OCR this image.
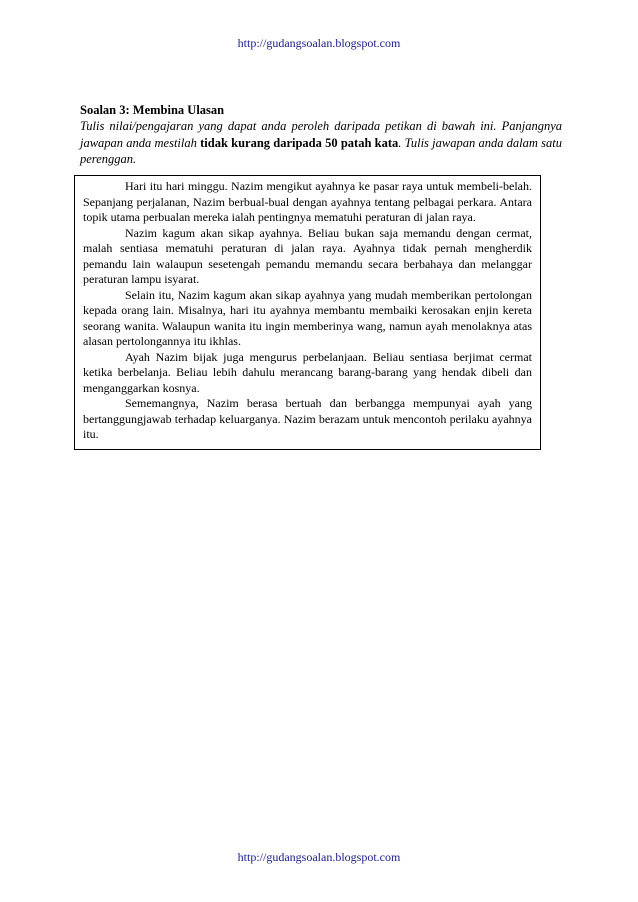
http://gudangsoalan.blogspot.com

Soalan 3: Membina Ulasan

Tulis nilai/pengajaran yang dapat anda peroleh daripada petikan di bawah ini. Panjangnya jawapan anda mestilah tidak kurang daripada 50 patah kata. Tulis jawapan anda dalam satu perenggan.

Hari itu hari minggu. Nazim mengikut ayahnya ke pasar raya untuk membeli-belah. Sepanjang perjalanan, Nazim berbual-bual dengan ayahnya tentang pelbagai perkara. Antara topik utama perbualan mereka ialah pentingnya mematuhi peraturan di jalan raya.

Nazim kagum akan sikap ayahnya. Beliau bukan saja memandu dengan cermat, malah sentiasa mematuhi peraturan di jalan raya. Ayahnya tidak pernah mengherdik pemandu lain walaupun sesetengah pemandu memandu secara berbahaya dan melanggar peraturan lampu isyarat.

Selain itu, Nazim kagum akan sikap ayahnya yang mudah memberikan pertolongan kepada orang lain. Misalnya, hari itu ayahnya membantu membaiki kerosakan enjin kereta seorang wanita. Walaupun wanita itu ingin memberinya wang, namun ayah menolaknya atas alasan pertolongannya itu ikhlas.

Ayah Nazim bijak juga mengurus perbelanjaan. Beliau sentiasa berjimat cermat ketika berbelanja. Beliau lebih dahulu merancang barang-barang yang hendak dibeli dan menganggarkan kosnya.

Sememangnya, Nazim berasa bertuah dan berbangga mempunyai ayah yang bertanggungjawab terhadap keluarganya. Nazim berazam untuk mencontoh perilaku ayahnya itu.

http://gudangsoalan.blogspot.com
